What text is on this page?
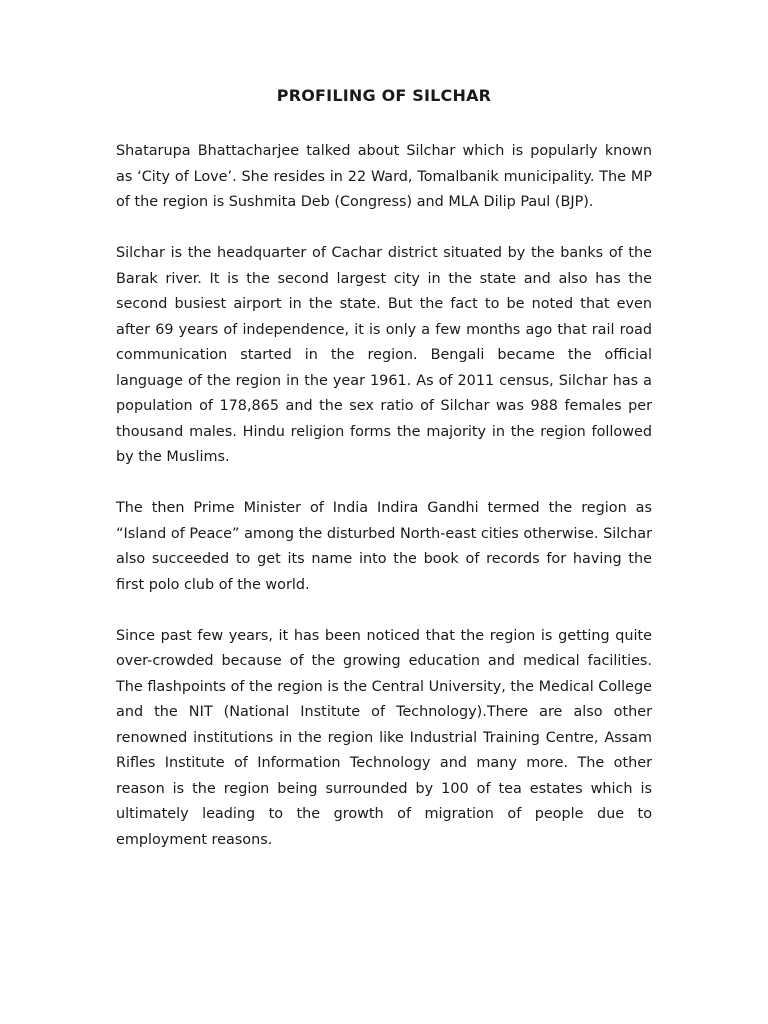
PROFILING OF SILCHAR

Shatarupa Bhattacharjee talked about Silchar which is popularly known as ‘City of Love’. She resides in 22 Ward, Tomalbanik municipality. The MP of the region is Sushmita Deb (Congress) and MLA Dilip Paul (BJP).

Silchar is the headquarter of Cachar district situated by the banks of the Barak river. It is the second largest city in the state and also has the second busiest airport in the state. But the fact to be noted that even after 69 years of independence, it is only a few months ago that rail road communication started in the region. Bengali became the official language of the region in the year 1961. As of 2011 census, Silchar has a population of 178,865 and the sex ratio of Silchar was 988 females per thousand males. Hindu religion forms the majority in the region followed by the Muslims.

The then Prime Minister of India Indira Gandhi termed the region as “Island of Peace” among the disturbed North-east cities otherwise. Silchar also succeeded to get its name into the book of records for having the first polo club of the world.

Since past few years, it has been noticed that the region is getting quite over-crowded because of the growing education and medical facilities. The flashpoints of the region is the Central University, the Medical College and the NIT (National Institute of Technology).There are also other renowned institutions in the region like Industrial Training Centre, Assam Rifles Institute of Information Technology and many more. The other reason is the region being surrounded by 100 of tea estates which is ultimately leading to the growth of migration of people due to employment reasons.
